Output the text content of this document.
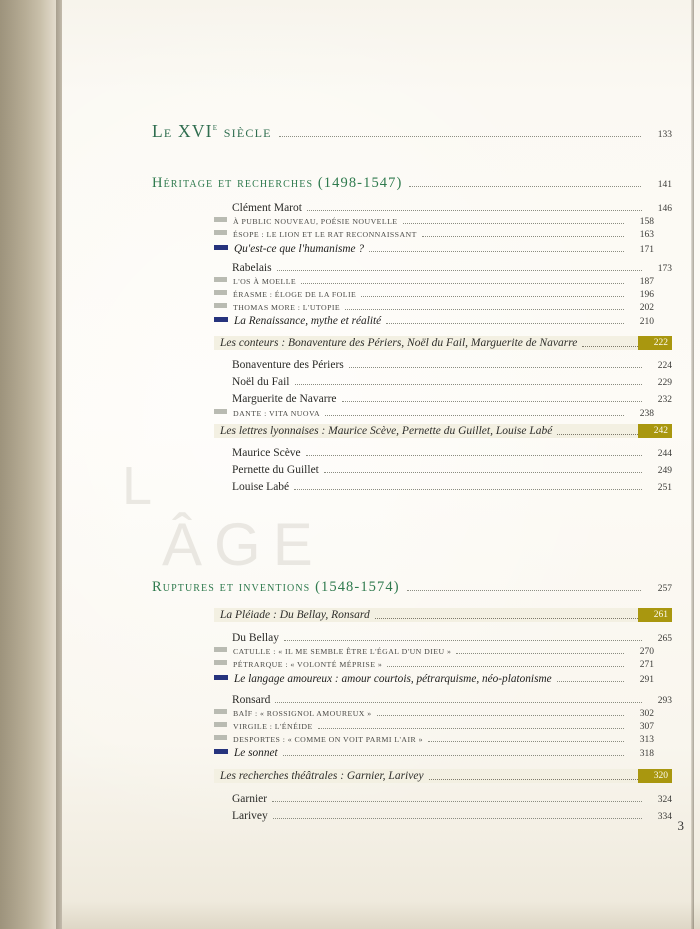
L
ÂGE
Le XVIe siècle	133
Héritage et recherches (1498-1547)	141
Clément Marot	146
À PUBLIC NOUVEAU, POÉSIE NOUVELLE	158
ÉSOPE : LE LION ET LE RAT RECONNAISSANT	163
Qu'est-ce que l'humanisme ?	171
Rabelais	173
L'OS À MOELLE	187
ÉRASME : ÉLOGE DE LA FOLIE	196
THOMAS MORE : L'UTOPIE	202
La Renaissance, mythe et réalité	210
Les conteurs : Bonaventure des Périers, Noël du Fail, Marguerite de Navarre	222
Bonaventure des Périers	224
Noël du Fail	229
Marguerite de Navarre	232
DANTE : VITA NUOVA	238
Les lettres lyonnaises : Maurice Scève, Pernette du Guillet, Louise Labé	242
Maurice Scève	244
Pernette du Guillet	249
Louise Labé	251
Ruptures et inventions (1548-1574)	257
La Pléiade : Du Bellay, Ronsard	261
Du Bellay	265
CATULLE : « IL ME SEMBLE ÊTRE L'ÉGAL D'UN DIEU »	270
PÉTRARQUE : « VOLONTÉ MÉPRISE »	271
Le langage amoureux : amour courtois, pétrarquisme, néo-platonisme	291
Ronsard	293
BAÏF : « ROSSIGNOL AMOUREUX »	302
VIRGILE : L'ÉNÉIDE	307
DESPORTES : « COMME ON VOIT PARMI L'AIR »	313
Le sonnet	318
Les recherches théâtrales : Garnier, Larivey	320
Garnier	324
Larivey	334
3
